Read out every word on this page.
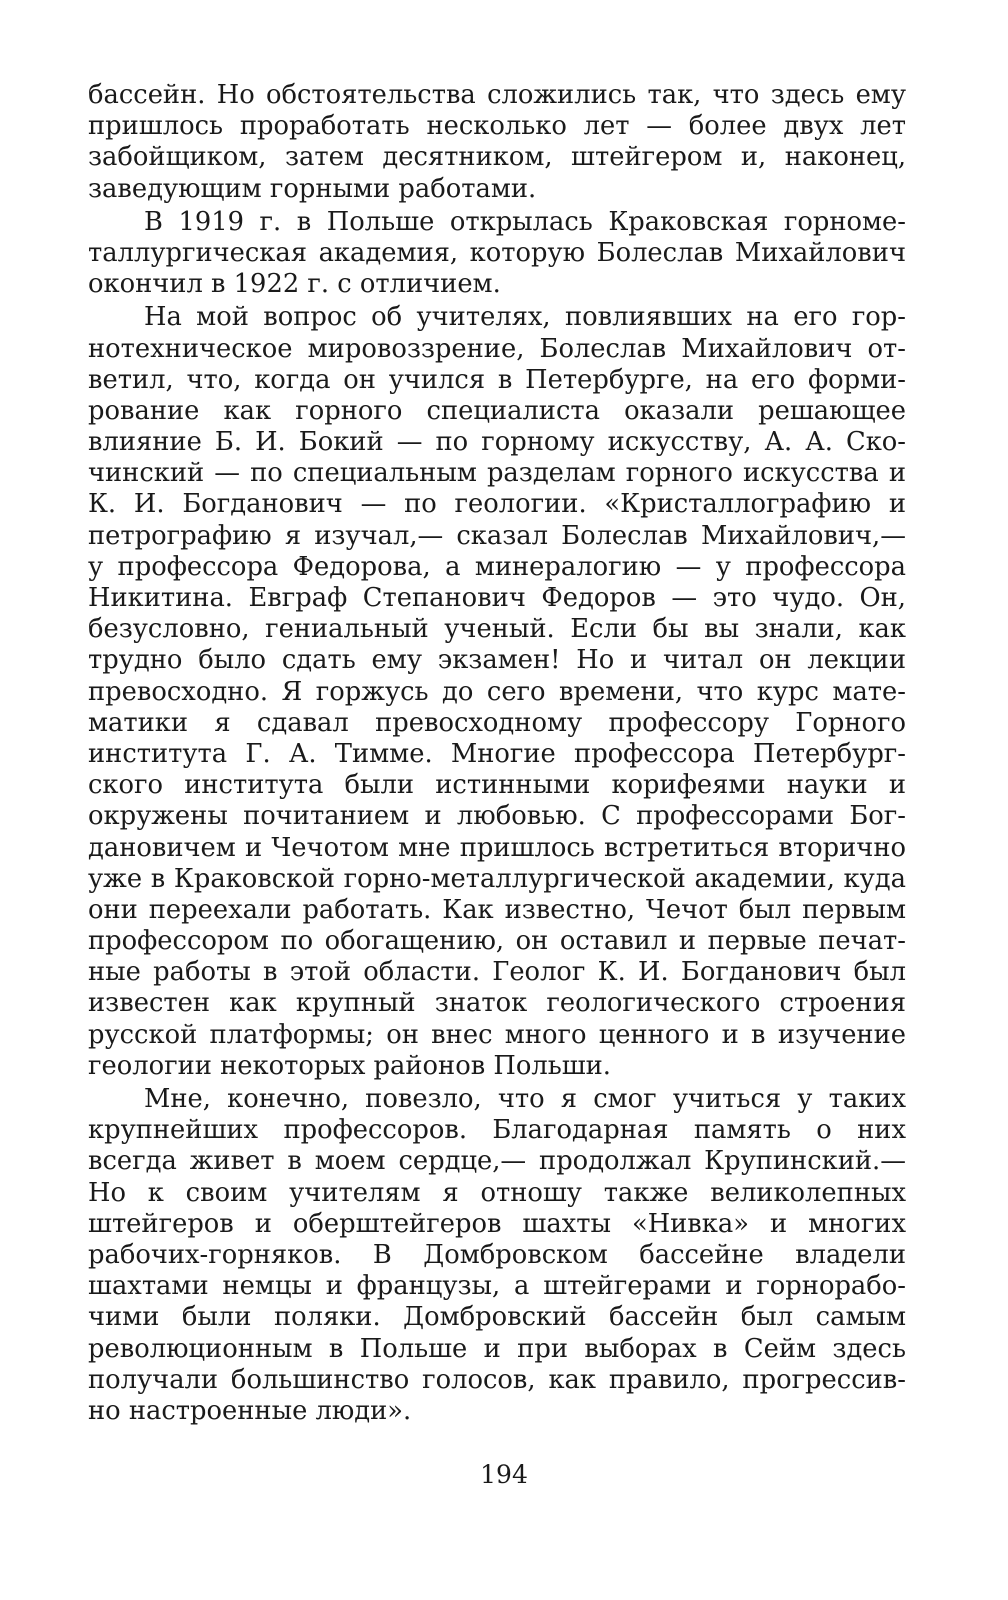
бассейн. Но обстоятельства сложились так, что здесь ему
пришлось проработать несколько лет — более двух лет
забойщиком, затем десятником, штейгером и, наконец,
заведующим горными работами.
В 1919 г. в Польше открылась Краковская горноме-
таллургическая академия, которую Болеслав Михайлович
окончил в 1922 г. с отличием.
На мой вопрос об учителях, повлиявших на его гор-
нотехническое мировоззрение, Болеслав Михайлович от-
ветил, что, когда он учился в Петербурге, на его форми-
рование как горного специалиста оказали решающее
влияние Б. И. Бокий — по горному искусству, А. А. Ско-
чинский — по специальным разделам горного искусства и
К. И. Богданович — по геологии. «Кристаллографию и
петрографию я изучал,— сказал Болеслав Михайлович,—
у профессора Федорова, а минералогию — у профессора
Никитина. Евграф Степанович Федоров — это чудо. Он,
безусловно, гениальный ученый. Если бы вы знали, как
трудно было сдать ему экзамен! Но и читал он лекции
превосходно. Я горжусь до сего времени, что курс мате-
матики я сдавал превосходному профессору Горного
института Г. А. Тимме. Многие профессора Петербург-
ского института были истинными корифеями науки и
окружены почитанием и любовью. С профессорами Бог-
дановичем и Чечотом мне пришлось встретиться вторично
уже в Краковской горно-металлургической академии, куда
они переехали работать. Как известно, Чечот был первым
профессором по обогащению, он оставил и первые печат-
ные работы в этой области. Геолог К. И. Богданович был
известен как крупный знаток геологического строения
русской платформы; он внес много ценного и в изучение
геологии некоторых районов Польши.
Мне, конечно, повезло, что я смог учиться у таких
крупнейших профессоров. Благодарная память о них
всегда живет в моем сердце,— продолжал Крупинский.—
Но к своим учителям я отношу также великолепных
штейгеров и оберштейгеров шахты «Нивка» и многих
рабочих-горняков. В Домбровском бассейне владели
шахтами немцы и французы, а штейгерами и горнорабо-
чими были поляки. Домбровский бассейн был самым
революционным в Польше и при выборах в Сейм здесь
получали большинство голосов, как правило, прогрессив-
но настроенные люди».
194
